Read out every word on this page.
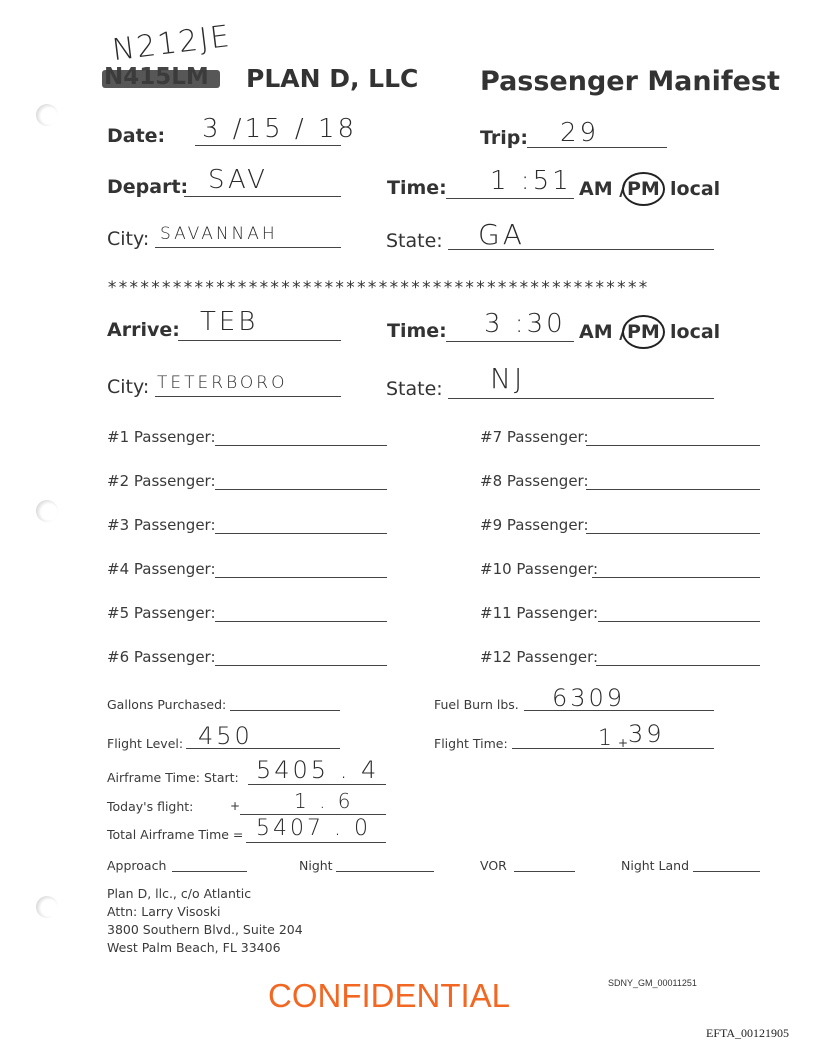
N212JE
PLAN D, LLC Passenger Manifest
Date: 3 /15 / 18	Trip: 29
Depart: SAV	Time: 1 :51 AM / PM local
City: SAVANNAH	State: GA
**************************************************
Arrive: TEB	Time: 3 :30 AM / PM local
City: TETERBORO	State: NJ
#1 Passenger:
#2 Passenger:
#3 Passenger:
#4 Passenger:
#5 Passenger:
#6 Passenger:
#7 Passenger:
#8 Passenger:
#9 Passenger:
#10 Passenger:
#11 Passenger:
#12 Passenger:
Gallons Purchased:	Fuel Burn lbs. 6309
Flight Level: 450	Flight Time:	1 + 39
Airframe Time: Start: 5405 . 4
Today's flight:	+	1 . 6
Total Airframe Time = 5407 . 0
Approach	Night	VOR	Night Land
Plan D, llc., c/o Atlantic
Attn: Larry Visoski
3800 Southern Blvd., Suite 204
West Palm Beach, FL 33406
CONFIDENTIAL	SDNY_GM_00011251
EFTA_00121905
